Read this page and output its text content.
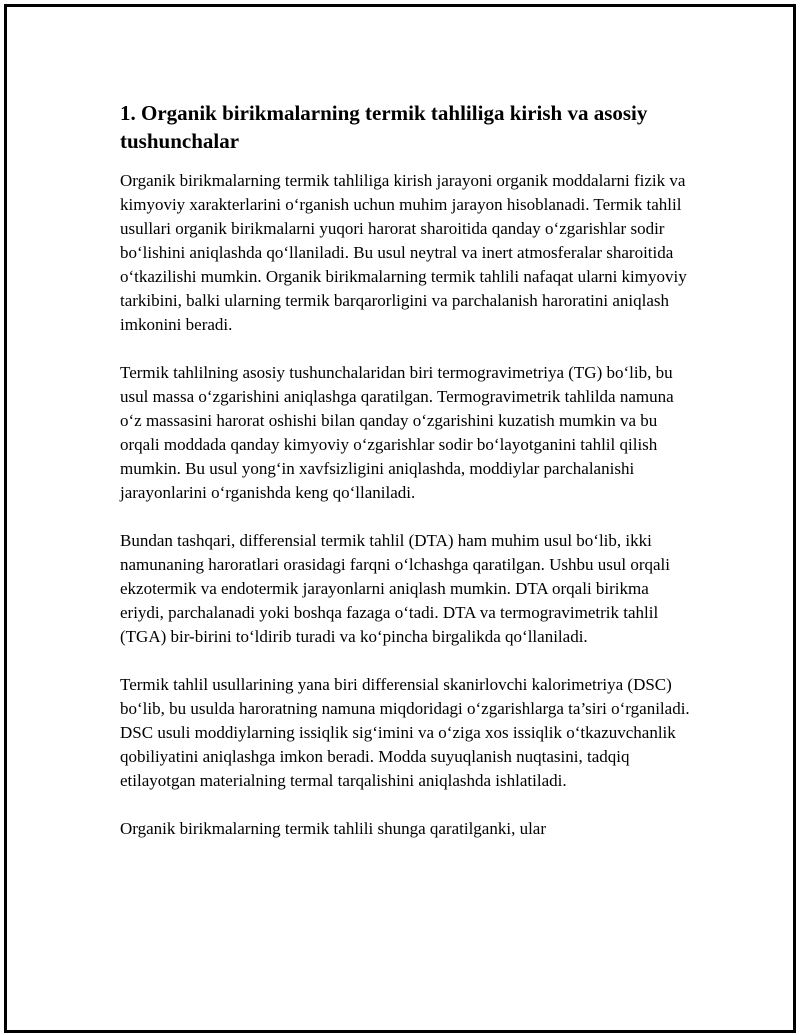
1. Organik birikmalarning termik tahliliga kirish va asosiy tushunchalar

Organik birikmalarning termik tahliliga kirish jarayoni organik moddalarni fizik va kimyoviy xarakterlarini o‘rganish uchun muhim jarayon hisoblanadi. Termik tahlil usullari organik birikmalarni yuqori harorat sharoitida qanday o‘zgarishlar sodir bo‘lishini aniqlashda qo‘llaniladi. Bu usul neytral va inert atmosferalar sharoitida o‘tkazilishi mumkin. Organik birikmalarning termik tahlili nafaqat ularni kimyoviy tarkibini, balki ularning termik barqarorligini va parchalanish haroratini aniqlash imkonini beradi.

Termik tahlilning asosiy tushunchalaridan biri termogravimetriya (TG) bo‘lib, bu usul massa o‘zgarishini aniqlashga qaratilgan. Termogravimetrik tahlilda namuna o‘z massasini harorat oshishi bilan qanday o‘zgarishini kuzatish mumkin va bu orqali moddada qanday kimyoviy o‘zgarishlar sodir bo‘layotganini tahlil qilish mumkin. Bu usul yong‘in xavfsizligini aniqlashda, moddiylar parchalanishi jarayonlarini o‘rganishda keng qo‘llaniladi.

Bundan tashqari, differensial termik tahlil (DTA) ham muhim usul bo‘lib, ikki namunaning haroratlari orasidagi farqni o‘lchashga qaratilgan. Ushbu usul orqali ekzotermik va endotermik jarayonlarni aniqlash mumkin. DTA orqali birikma eriydi, parchalanadi yoki boshqa fazaga o‘tadi. DTA va termogravimetrik tahlil (TGA) bir-birini to‘ldirib turadi va ko‘pincha birgalikda qo‘llaniladi.

Termik tahlil usullarining yana biri differensial skanirlovchi kalorimetriya (DSC) bo‘lib, bu usulda haroratning namuna miqdoridagi o‘zgarishlarga ta’siri o‘rganiladi. DSC usuli moddiylarning issiqlik sig‘imini va o‘ziga xos issiqlik o‘tkazuvchanlik qobiliyatini aniqlashga imkon beradi. Modda suyuqlanish nuqtasini, tadqiq etilayotgan materialning termal tarqalishini aniqlashda ishlatiladi.

Organik birikmalarning termik tahlili shunga qaratilganki, ular
